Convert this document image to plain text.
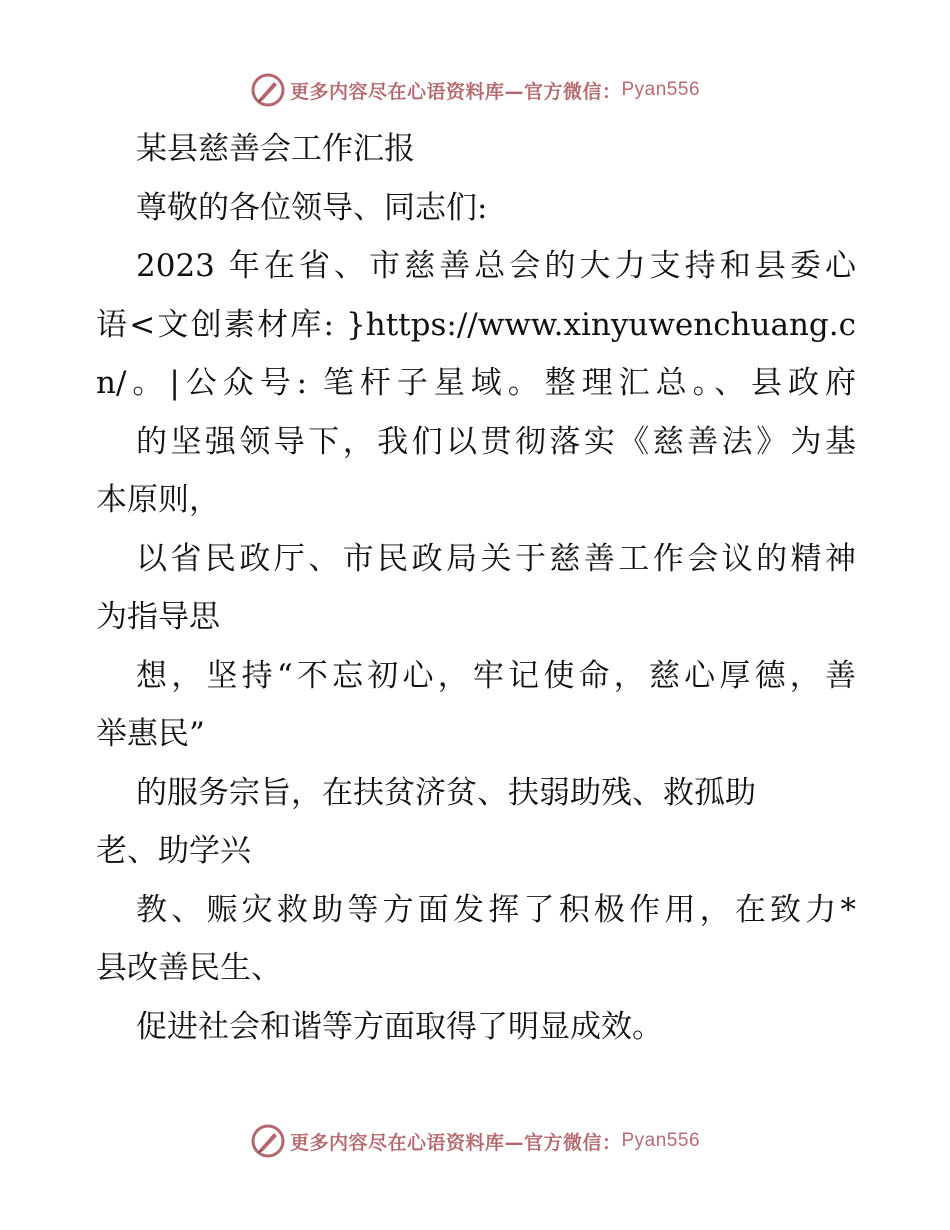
更多内容尽在心语资料库—官方微信： Pyan556
某县慈善会工作汇报
尊敬的各位领导、同志们:
2023 年在省、市慈善总会的大力支持和县委心
语<文创素材库: }https://www.xinyuwenchuang.c
n/。|公众号: 笔杆子星域。整理汇总。、县政府
的坚强领导下，我们以贯彻落实《慈善法》为基
本原则，
以省民政厅、市民政局关于慈善工作会议的精神
为指导思
想，坚持“不忘初心，牢记使命，慈心厚德，善
举惠民”
的服务宗旨，在扶贫济贫、扶弱助残、救孤助
老、助学兴
教、赈灾救助等方面发挥了积极作用，在致力*
县改善民生、
促进社会和谐等方面取得了明显成效。
更多内容尽在心语资料库—官方微信： Pyan556
